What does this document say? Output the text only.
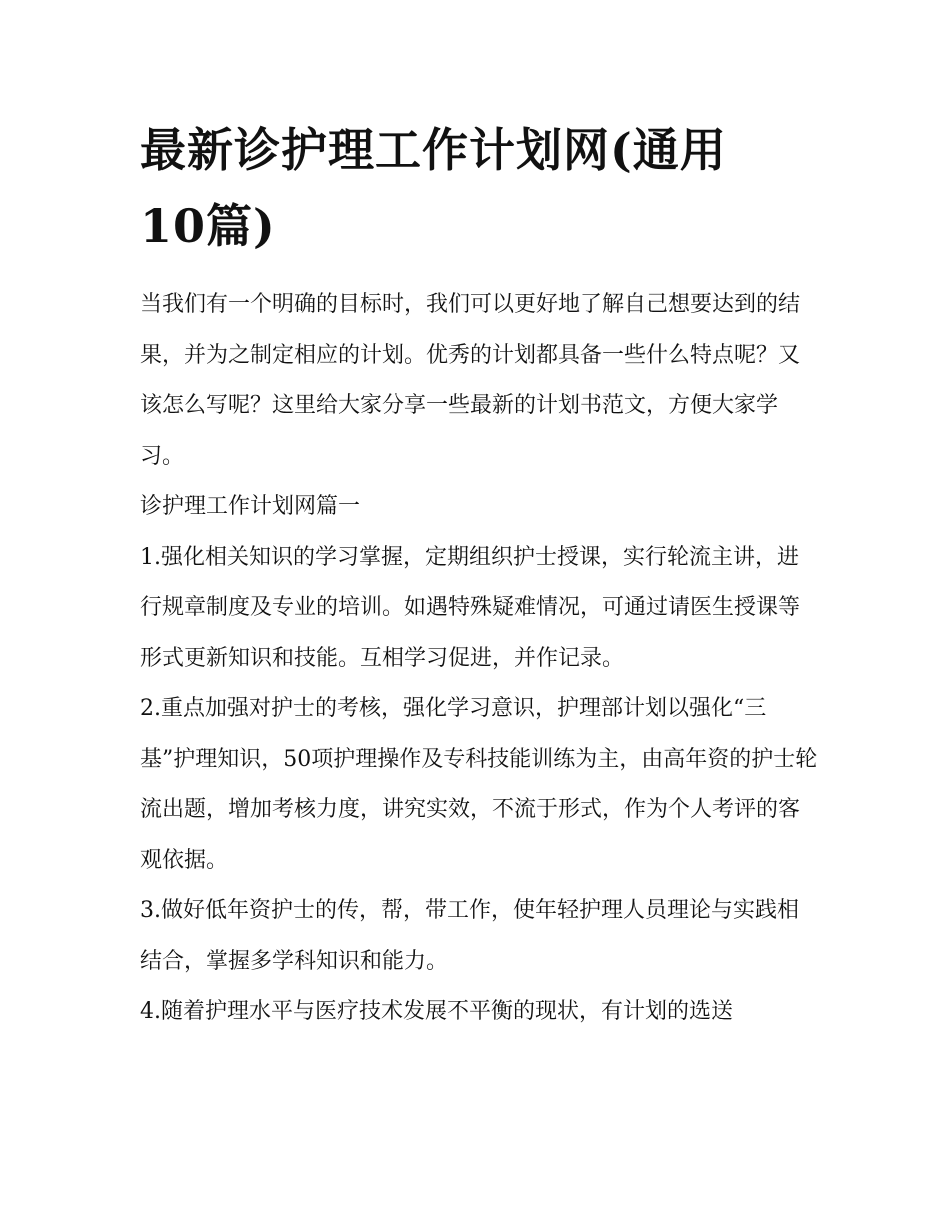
最新诊护理工作计划网(通用10篇)

当我们有一个明确的目标时，我们可以更好地了解自己想要达到的结果，并为之制定相应的计划。优秀的计划都具备一些什么特点呢？又该怎么写呢？这里给大家分享一些最新的计划书范文，方便大家学习。

诊护理工作计划网篇一

1.强化相关知识的学习掌握，定期组织护士授课，实行轮流主讲，进行规章制度及专业的培训。如遇特殊疑难情况，可通过请医生授课等形式更新知识和技能。互相学习促进，并作记录。

2.重点加强对护士的考核，强化学习意识，护理部计划以强化“三基”护理知识，50项护理操作及专科技能训练为主，由高年资的护士轮流出题，增加考核力度，讲究实效，不流于形式，作为个人考评的客观依据。

3.做好低年资护士的传，帮，带工作，使年轻护理人员理论与实践相结合，掌握多学科知识和能力。

4.随着护理水平与医疗技术发展不平衡的现状，有计划的选送
